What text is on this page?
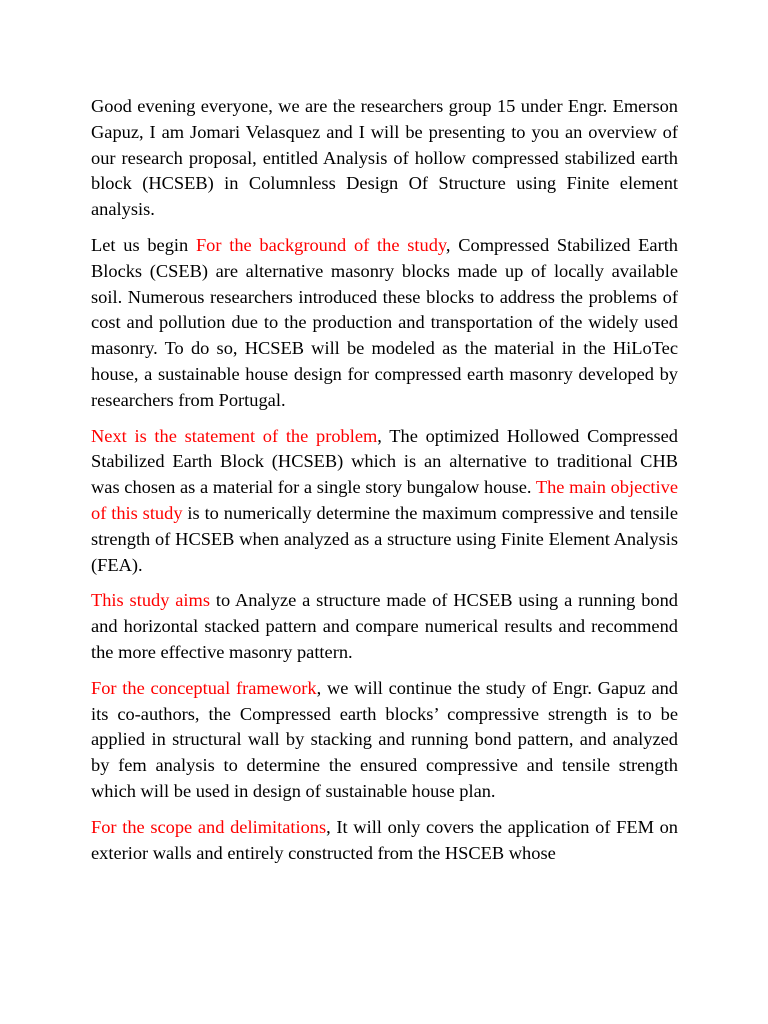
Good evening everyone, we are the researchers group 15 under Engr. Emerson Gapuz, I am Jomari Velasquez and I will be presenting to you an overview of our research proposal, entitled Analysis of hollow compressed stabilized earth block (HCSEB) in Columnless Design Of Structure using Finite element analysis.

Let us begin For the background of the study, Compressed Stabilized Earth Blocks (CSEB) are alternative masonry blocks made up of locally available soil. Numerous researchers introduced these blocks to address the problems of cost and pollution due to the production and transportation of the widely used masonry. To do so, HCSEB will be modeled as the material in the HiLoTec house, a sustainable house design for compressed earth masonry developed by researchers from Portugal.

Next is the statement of the problem, The optimized Hollowed Compressed Stabilized Earth Block (HCSEB) which is an alternative to traditional CHB was chosen as a material for a single story bungalow house. The main objective of this study is to numerically determine the maximum compressive and tensile strength of HCSEB when analyzed as a structure using Finite Element Analysis (FEA).

This study aims to Analyze a structure made of HCSEB using a running bond and horizontal stacked pattern and compare numerical results and recommend the more effective masonry pattern.

For the conceptual framework, we will continue the study of Engr. Gapuz and its co-authors, the Compressed earth blocks’ compressive strength is to be applied in structural wall by stacking and running bond pattern, and analyzed by fem analysis to determine the ensured compressive and tensile strength which will be used in design of sustainable house plan.

For the scope and delimitations, It will only covers the application of FEM on exterior walls and entirely constructed from the HSCEB whose
